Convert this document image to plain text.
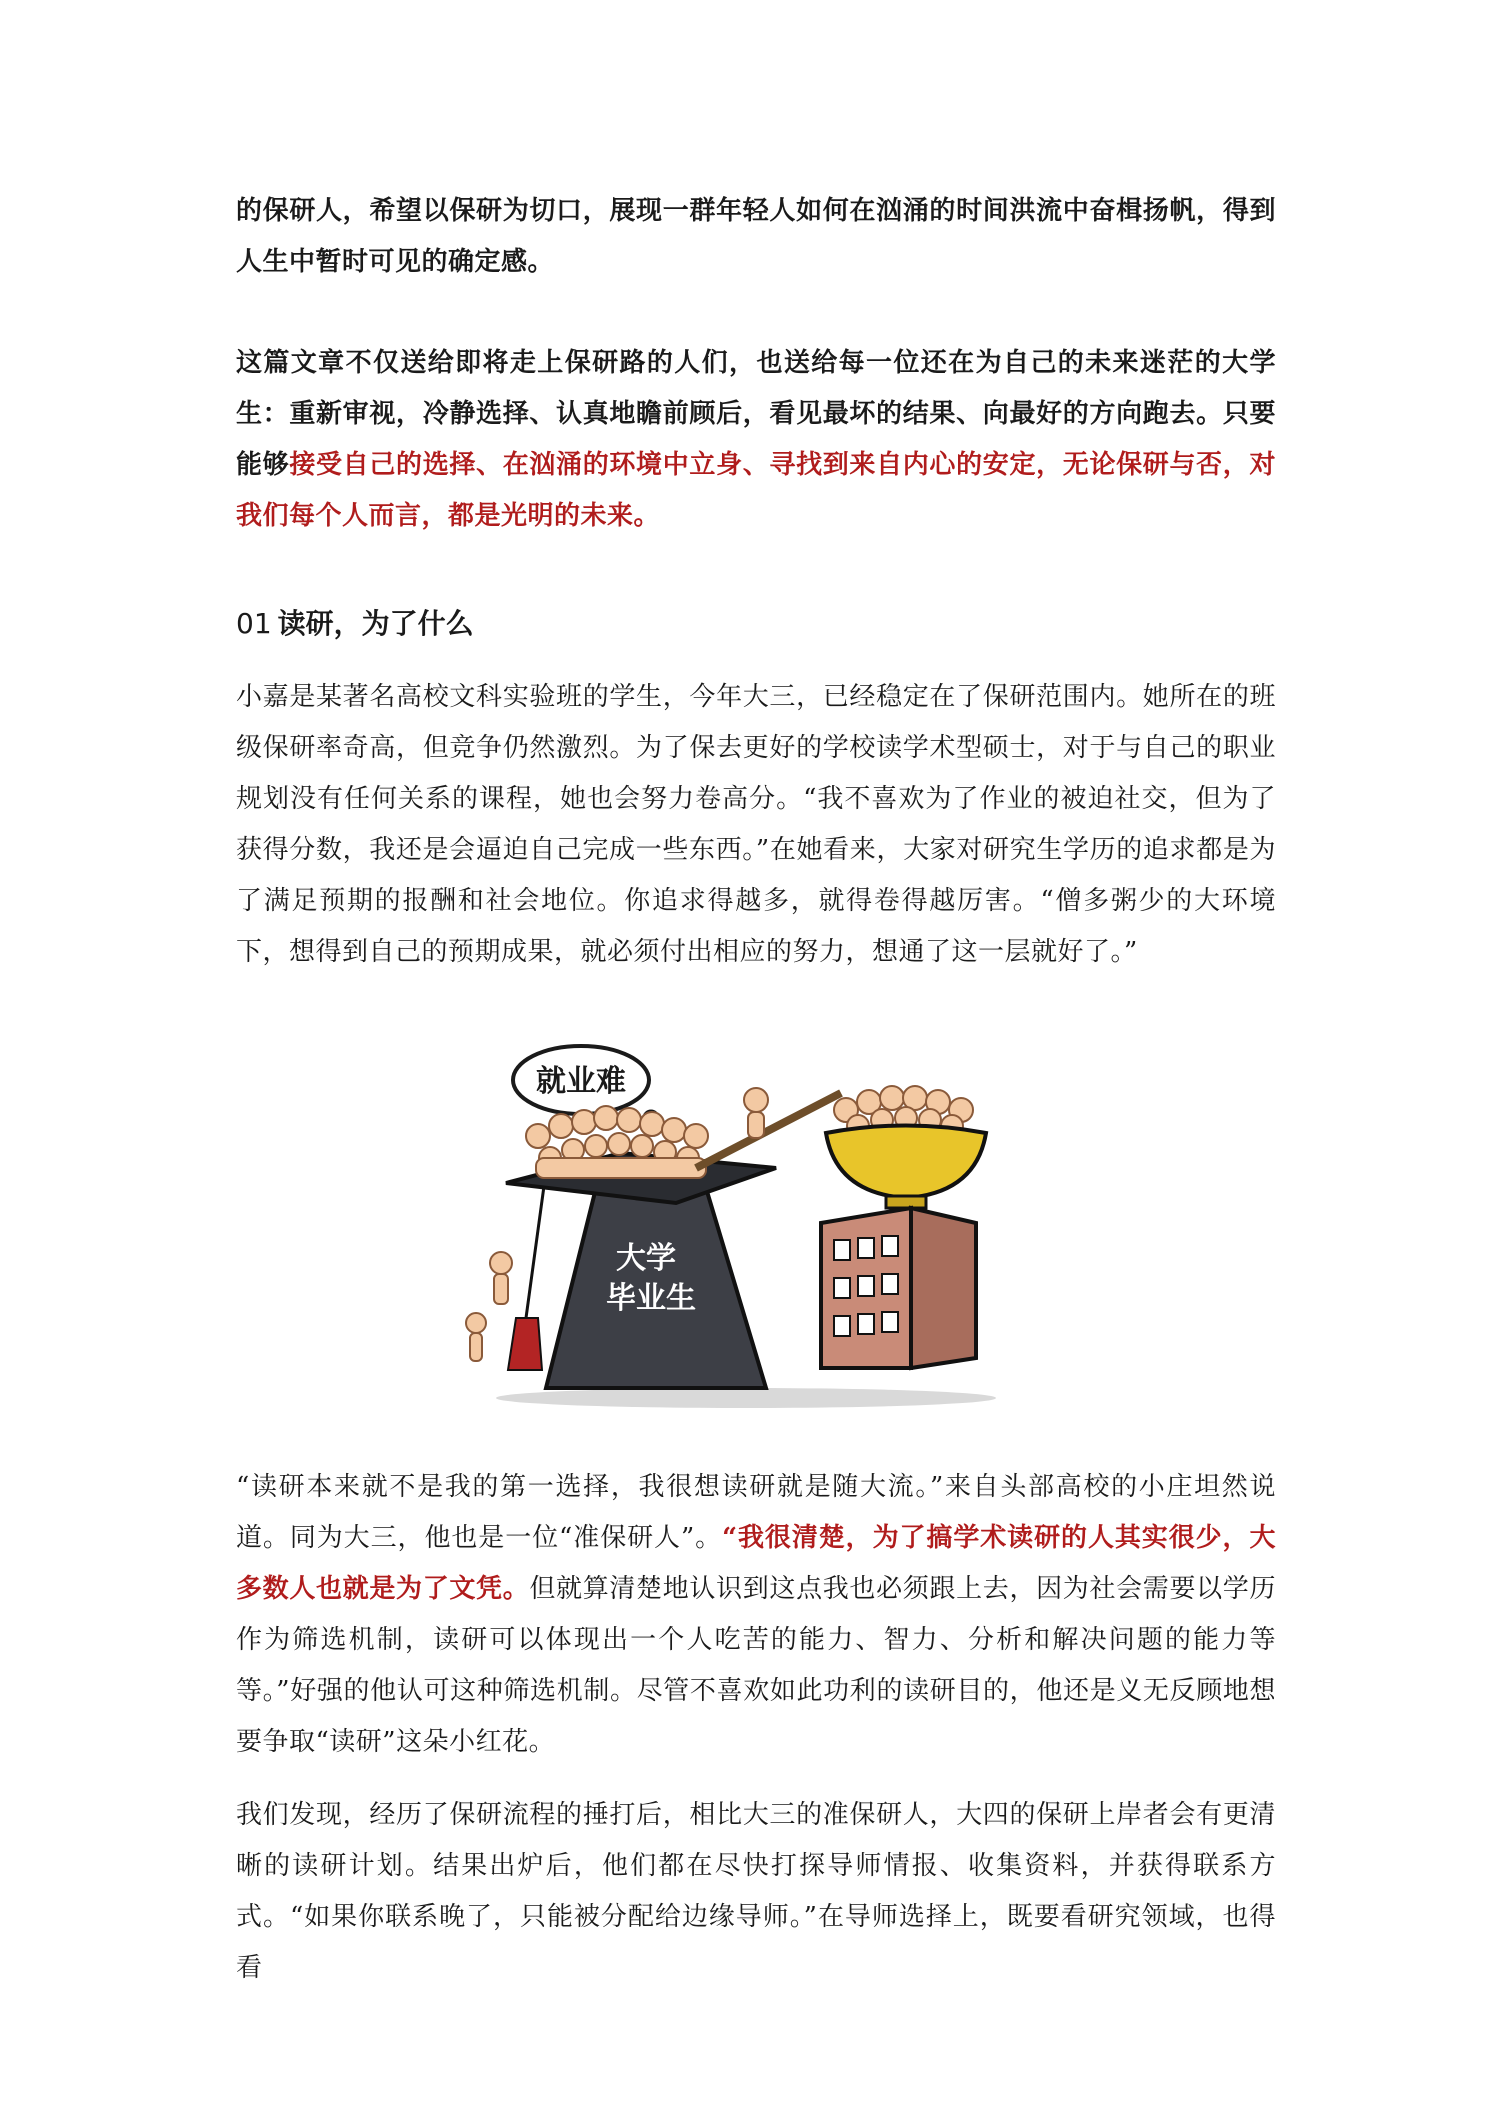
的保研人，希望以保研为切口，展现一群年轻人如何在汹涌的时间洪流中奋楫扬帆，得到人生中暂时可见的确定感。

这篇文章不仅送给即将走上保研路的人们，也送给每一位还在为自己的未来迷茫的大学生：重新审视，冷静选择、认真地瞻前顾后，看见最坏的结果、向最好的方向跑去。只要能够接受自己的选择、在汹涌的环境中立身、寻找到来自内心的安定，无论保研与否，对我们每个人而言，都是光明的未来。

01 读研，为了什么

小嘉是某著名高校文科实验班的学生，今年大三，已经稳定在了保研范围内。她所在的班级保研率奇高，但竞争仍然激烈。为了保去更好的学校读学术型硕士，对于与自己的职业规划没有任何关系的课程，她也会努力卷高分。“我不喜欢为了作业的被迫社交，但为了获得分数，我还是会逼迫自己完成一些东西。”在她看来，大家对研究生学历的追求都是为了满足预期的报酬和社会地位。你追求得越多，就得卷得越厉害。“僧多粥少的大环境下，想得到自己的预期成果，就必须付出相应的努力，想通了这一层就好了。”

就业难
大学
毕业生

“读研本来就不是我的第一选择，我很想读研就是随大流。”来自头部高校的小庄坦然说道。同为大三，他也是一位“准保研人”。“我很清楚，为了搞学术读研的人其实很少，大多数人也就是为了文凭。但就算清楚地认识到这点我也必须跟上去，因为社会需要以学历作为筛选机制，读研可以体现出一个人吃苦的能力、智力、分析和解决问题的能力等等。”好强的他认可这种筛选机制。尽管不喜欢如此功利的读研目的，他还是义无反顾地想要争取“读研”这朵小红花。

我们发现，经历了保研流程的捶打后，相比大三的准保研人，大四的保研上岸者会有更清晰的读研计划。结果出炉后，他们都在尽快打探导师情报、收集资料，并获得联系方式。“如果你联系晚了，只能被分配给边缘导师。”在导师选择上，既要看研究领域，也得看
